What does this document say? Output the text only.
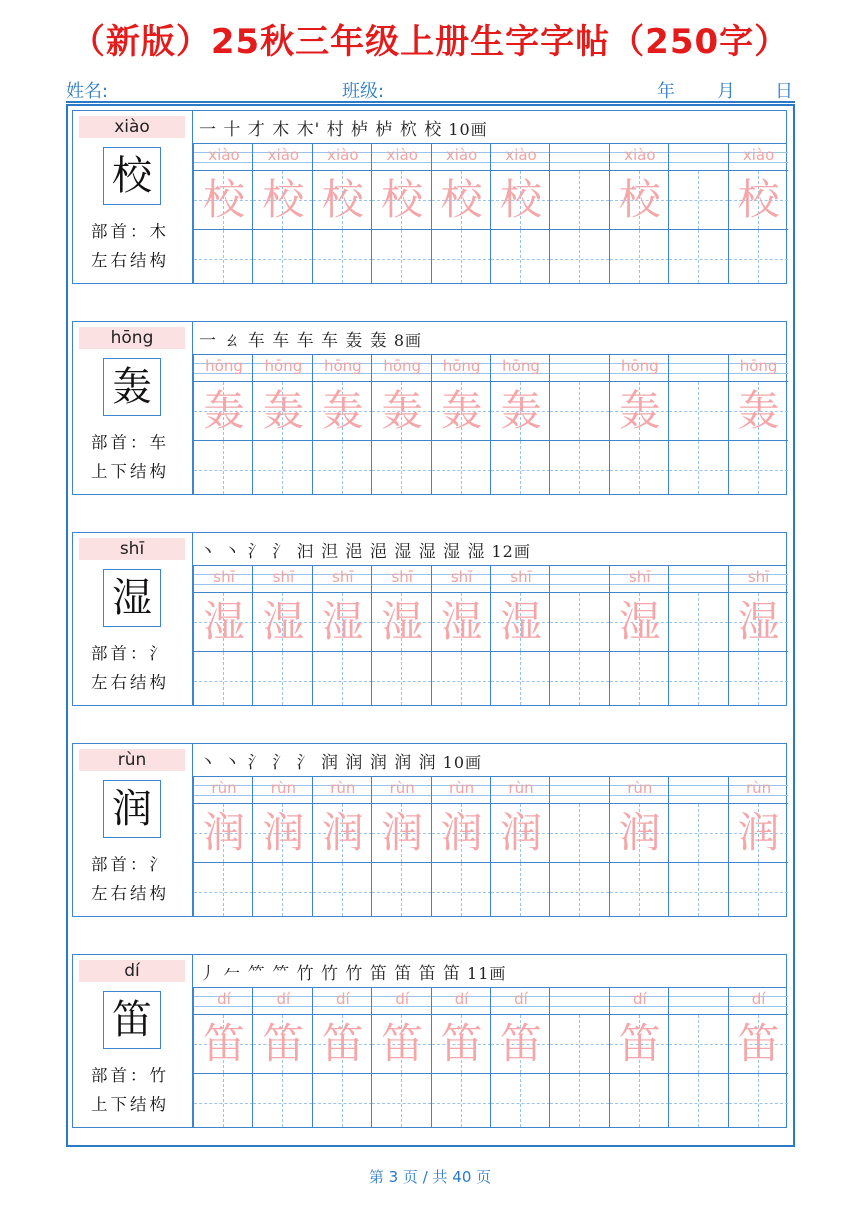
（新版）25秋三年级上册生字字帖（250字）
姓名:	班级:	年 月 日
xiào
校
部首：木
左右结构
一 十 才 木 木' 村 栌 栌 柼 校 10画
xiào
校
xiào
校
xiào
校
xiào
校
xiào
校
xiào
校
xiào
校
xiào
校
hōng
轰
部首：车
上下结构
一 ㄠ 车 车 车 车 轰 轰 8画
hōng
轰
hōng
轰
hōng
轰
hōng
轰
hōng
轰
hōng
轰
hōng
轰
hōng
轰
shī
湿
部首：氵
左右结构
丶 丶 氵 氵 汩 泹 浥 浥 湿 湿 湿 湿 12画
shī
湿
shī
湿
shī
湿
shī
湿
shī
湿
shī
湿
shī
湿
shī
湿
rùn
润
部首：氵
左右结构
丶 丶 氵 氵 氵 润 润 润 润 润 10画
rùn
润
rùn
润
rùn
润
rùn
润
rùn
润
rùn
润
rùn
润
rùn
润
dí
笛
部首：竹
上下结构
丿 𠂉 ⺮ ⺮ 竹 竹 竹 笛 笛 笛 笛 11画
dí
笛
dí
笛
dí
笛
dí
笛
dí
笛
dí
笛
dí
笛
dí
笛
第 3 页 / 共 40 页
